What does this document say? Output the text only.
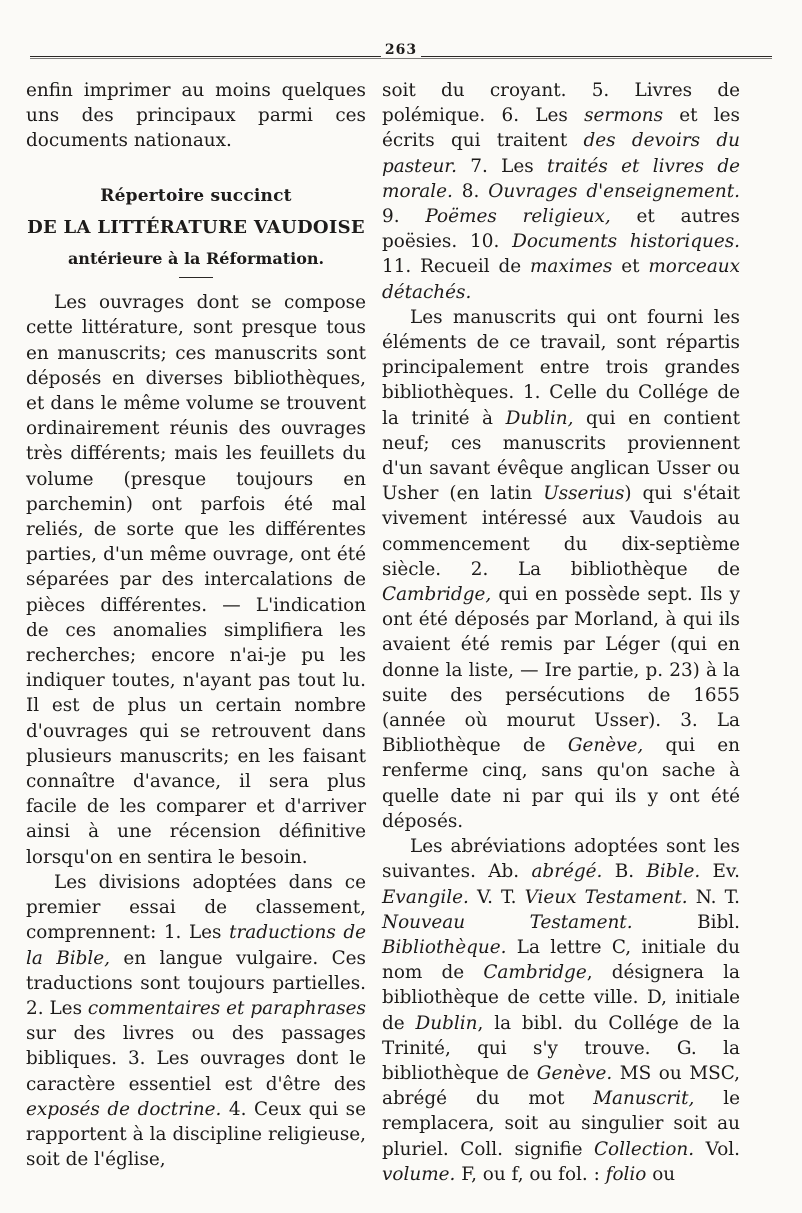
263

enfin imprimer au moins quelques uns des principaux parmi ces documents nationaux.

Répertoire succinct
DE LA LITTÉRATURE VAUDOISE
antérieure à la Réformation.

Les ouvrages dont se compose cette littérature, sont presque tous en manuscrits; ces manuscrits sont déposés en diverses bibliothèques, et dans le même volume se trouvent ordinairement réunis des ouvrages très différents; mais les feuillets du volume (presque toujours en parchemin) ont parfois été mal reliés, de sorte que les différentes parties, d'un même ouvrage, ont été séparées par des intercalations de pièces différentes. — L'indication de ces anomalies simplifiera les recherches; encore n'ai-je pu les indiquer toutes, n'ayant pas tout lu. Il est de plus un certain nombre d'ouvrages qui se retrouvent dans plusieurs manuscrits; en les faisant connaître d'avance, il sera plus facile de les comparer et d'arriver ainsi à une récension définitive lorsqu'on en sentira le besoin.

Les divisions adoptées dans ce premier essai de classement, comprennent: 1. Les traductions de la Bible, en langue vulgaire. Ces traductions sont toujours partielles. 2. Les commentaires et paraphrases sur des livres ou des passages bibliques. 3. Les ouvrages dont le caractère essentiel est d'être des exposés de doctrine. 4. Ceux qui se rapportent à la discipline religieuse, soit de l'église,

soit du croyant. 5. Livres de polémique. 6. Les sermons et les écrits qui traitent des devoirs du pasteur. 7. Les traités et livres de morale. 8. Ouvrages d'enseignement. 9. Poëmes religieux, et autres poësies. 10. Documents historiques. 11. Recueil de maximes et morceaux détachés.

Les manuscrits qui ont fourni les éléments de ce travail, sont répartis principalement entre trois grandes bibliothèques. 1. Celle du Collége de la trinité à Dublin, qui en contient neuf; ces manuscrits proviennent d'un savant évêque anglican Usser ou Usher (en latin Usserius) qui s'était vivement intéressé aux Vaudois au commencement du dix-septième siècle. 2. La bibliothèque de Cambridge, qui en possède sept. Ils y ont été déposés par Morland, à qui ils avaient été remis par Léger (qui en donne la liste, — Ire partie, p. 23) à la suite des persécutions de 1655 (année où mourut Usser). 3. La Bibliothèque de Genève, qui en renferme cinq, sans qu'on sache à quelle date ni par qui ils y ont été déposés.

Les abréviations adoptées sont les suivantes. Ab. abrégé. B. Bible. Ev. Evangile. V. T. Vieux Testament. N. T. Nouveau Testament. Bibl. Bibliothèque. La lettre C, initiale du nom de Cambridge, désignera la bibliothèque de cette ville. D, initiale de Dublin, la bibl. du Collége de la Trinité, qui s'y trouve. G. la bibliothèque de Genève. MS ou MSC, abrégé du mot Manuscrit, le remplacera, soit au singulier soit au pluriel. Coll. signifie Collection. Vol. volume. F, ou f, ou fol. : folio ou
